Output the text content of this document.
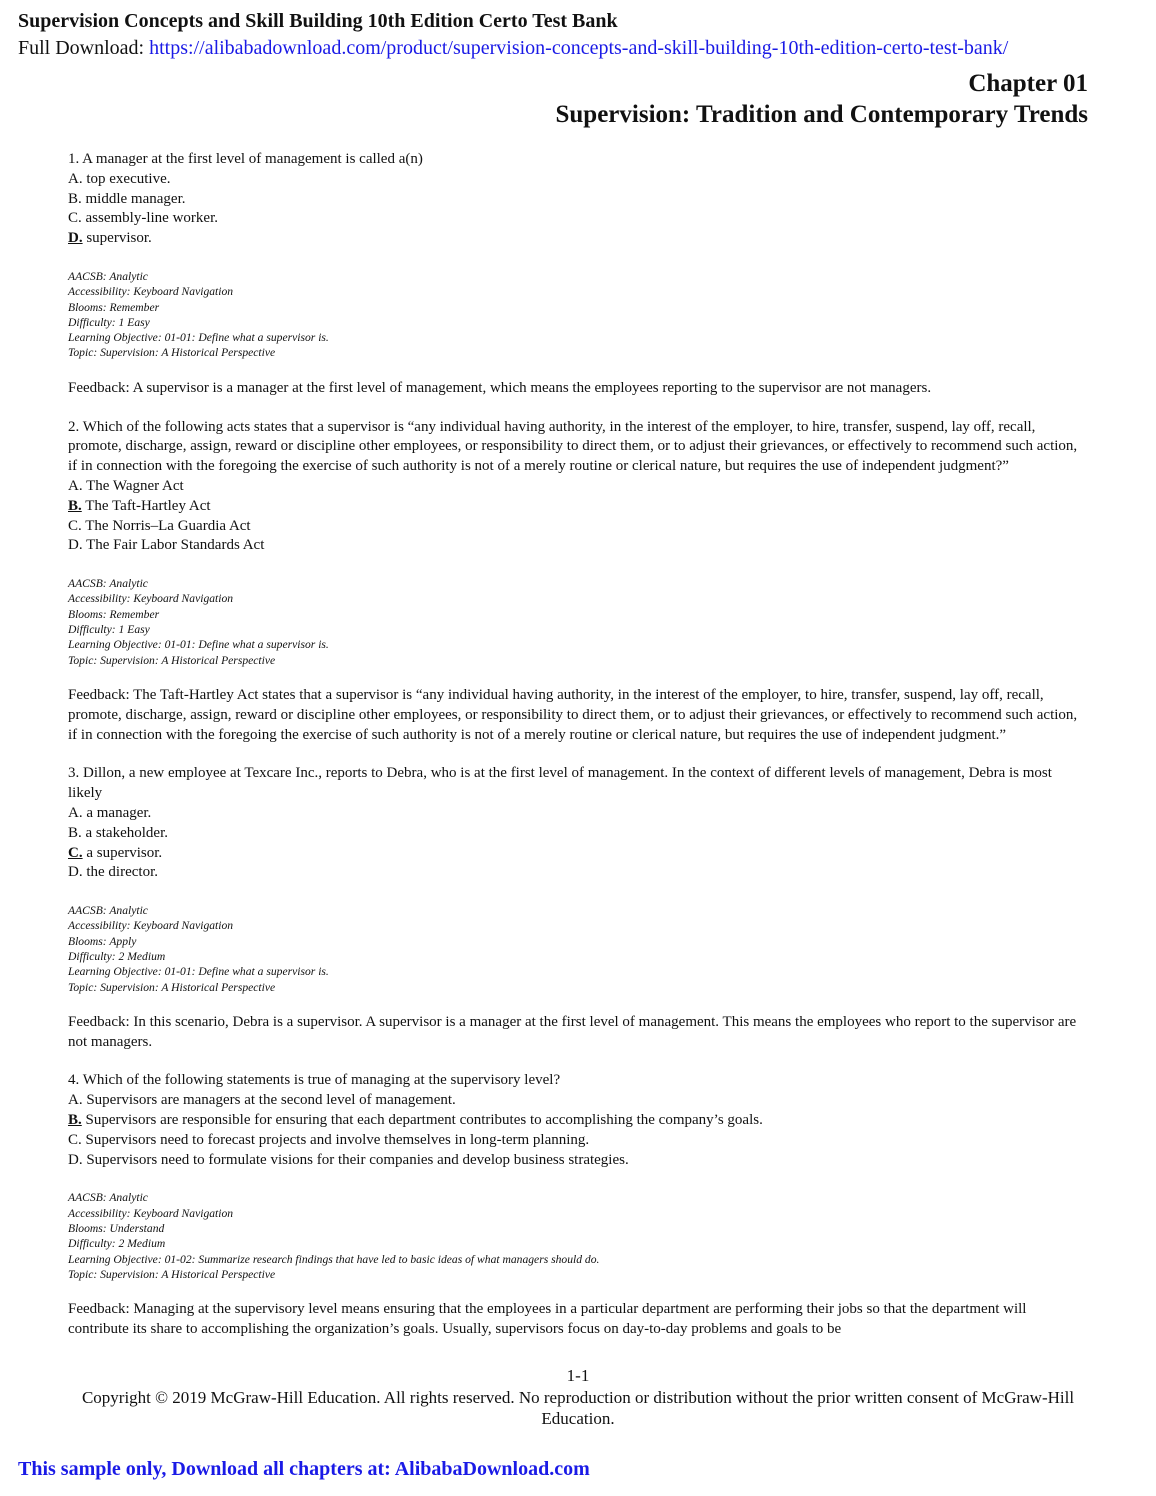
Supervision Concepts and Skill Building 10th Edition Certo Test Bank
Full Download: https://alibabadownload.com/product/supervision-concepts-and-skill-building-10th-edition-certo-test-bank/
Chapter 01
Supervision: Tradition and Contemporary Trends
1. A manager at the first level of management is called a(n)
A. top executive.
B. middle manager.
C. assembly-line worker.
D. supervisor.
AACSB: Analytic
Accessibility: Keyboard Navigation
Blooms: Remember
Difficulty: 1 Easy
Learning Objective: 01-01: Define what a supervisor is.
Topic: Supervision: A Historical Perspective
Feedback: A supervisor is a manager at the first level of management, which means the employees reporting to the supervisor are not managers.
2. Which of the following acts states that a supervisor is “any individual having authority, in the interest of the employer, to hire, transfer, suspend, lay off, recall, promote, discharge, assign, reward or discipline other employees, or responsibility to direct them, or to adjust their grievances, or effectively to recommend such action, if in connection with the foregoing the exercise of such authority is not of a merely routine or clerical nature, but requires the use of independent judgment?”
A. The Wagner Act
B. The Taft-Hartley Act
C. The Norris–La Guardia Act
D. The Fair Labor Standards Act
AACSB: Analytic
Accessibility: Keyboard Navigation
Blooms: Remember
Difficulty: 1 Easy
Learning Objective: 01-01: Define what a supervisor is.
Topic: Supervision: A Historical Perspective
Feedback: The Taft-Hartley Act states that a supervisor is “any individual having authority, in the interest of the employer, to hire, transfer, suspend, lay off, recall, promote, discharge, assign, reward or discipline other employees, or responsibility to direct them, or to adjust their grievances, or effectively to recommend such action, if in connection with the foregoing the exercise of such authority is not of a merely routine or clerical nature, but requires the use of independent judgment.”
3. Dillon, a new employee at Texcare Inc., reports to Debra, who is at the first level of management. In the context of different levels of management, Debra is most likely
A. a manager.
B. a stakeholder.
C. a supervisor.
D. the director.
AACSB: Analytic
Accessibility: Keyboard Navigation
Blooms: Apply
Difficulty: 2 Medium
Learning Objective: 01-01: Define what a supervisor is.
Topic: Supervision: A Historical Perspective
Feedback: In this scenario, Debra is a supervisor. A supervisor is a manager at the first level of management. This means the employees who report to the supervisor are not managers.
4. Which of the following statements is true of managing at the supervisory level?
A. Supervisors are managers at the second level of management.
B. Supervisors are responsible for ensuring that each department contributes to accomplishing the company’s goals.
C. Supervisors need to forecast projects and involve themselves in long-term planning.
D. Supervisors need to formulate visions for their companies and develop business strategies.
AACSB: Analytic
Accessibility: Keyboard Navigation
Blooms: Understand
Difficulty: 2 Medium
Learning Objective: 01-02: Summarize research findings that have led to basic ideas of what managers should do.
Topic: Supervision: A Historical Perspective
Feedback: Managing at the supervisory level means ensuring that the employees in a particular department are performing their jobs so that the department will contribute its share to accomplishing the organization’s goals. Usually, supervisors focus on day-to-day problems and goals to be
1-1
Copyright © 2019 McGraw-Hill Education. All rights reserved. No reproduction or distribution without the prior written consent of McGraw-Hill Education.
This sample only, Download all chapters at: AlibabaDownload.com
